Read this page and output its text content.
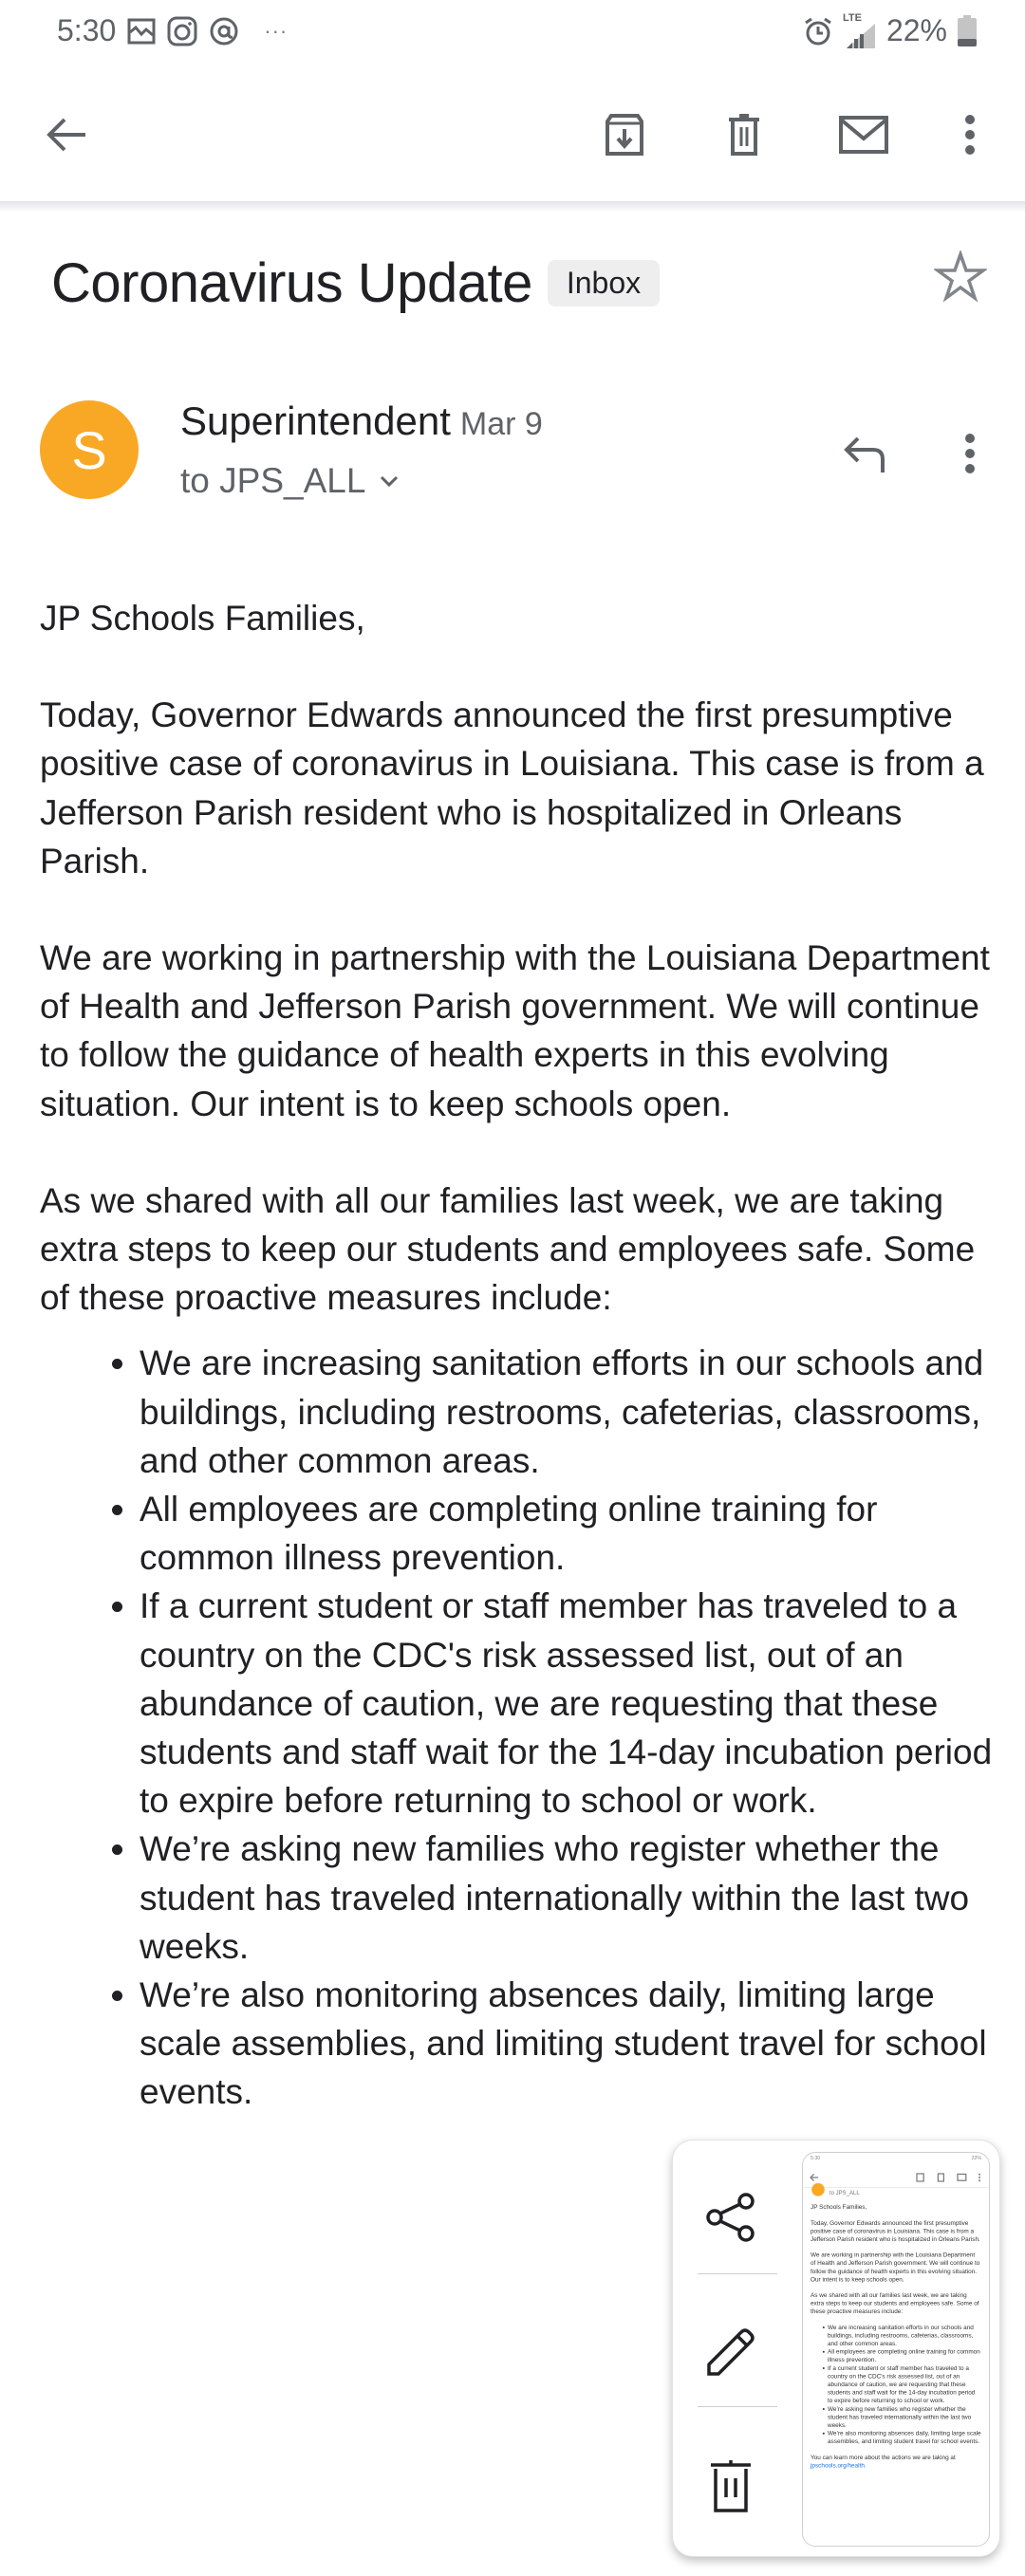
5:30	···
LTE 22%
Coronavirus Update	Inbox
S	Superintendent Mar 9
to JPS_ALL

JP Schools Families,

Today, Governor Edwards announced the first presumptive positive case of coronavirus in Louisiana. This case is from a Jefferson Parish resident who is hospitalized in Orleans Parish.

We are working in partnership with the Louisiana Department of Health and Jefferson Parish government. We will continue to follow the guidance of health experts in this evolving situation. Our intent is to keep schools open.

As we shared with all our families last week, we are taking extra steps to keep our students and employees safe. Some of these proactive measures include:

• We are increasing sanitation efforts in our schools and buildings, including restrooms, cafeterias, classrooms, and other common areas.
• All employees are completing online training for common illness prevention.
• If a current student or staff member has traveled to a country on the CDC's risk assessed list, out of an abundance of caution, we are requesting that these students and staff wait for the 14-day incubation period to expire before returning to school or work.
• We’re asking new families who register whether the student has traveled internationally within the last two weeks.
• We’re also monitoring absences daily, limiting large scale assemblies, and limiting student travel for school events.
5:30	22%
to JPS_ALL

JP Schools Families,

Today, Governor Edwards announced the first presumptive positive case of coronavirus in Louisiana. This case is from a Jefferson Parish resident who is hospitalized in Orleans Parish.

We are working in partnership with the Louisiana Department of Health and Jefferson Parish government. We will continue to follow the guidance of health experts in this evolving situation. Our intent is to keep schools open.

As we shared with all our families last week, we are taking extra steps to keep our students and employees safe. Some of these proactive measures include:

• We are increasing sanitation efforts in our schools and buildings, including restrooms, cafeterias, classrooms, and other common areas.
• All employees are completing online training for common illness prevention.
• If a current student or staff member has traveled to a country on the CDC's risk assessed list, out of an abundance of caution, we are requesting that these students and staff wait for the 14-day incubation period to expire before returning to school or work.
• We’re asking new families who register whether the student has traveled internationally within the last two weeks.
• We’re also monitoring absences daily, limiting large scale assemblies, and limiting student travel for school events.

You can learn more about the actions we are taking at jpschools.org/health.
